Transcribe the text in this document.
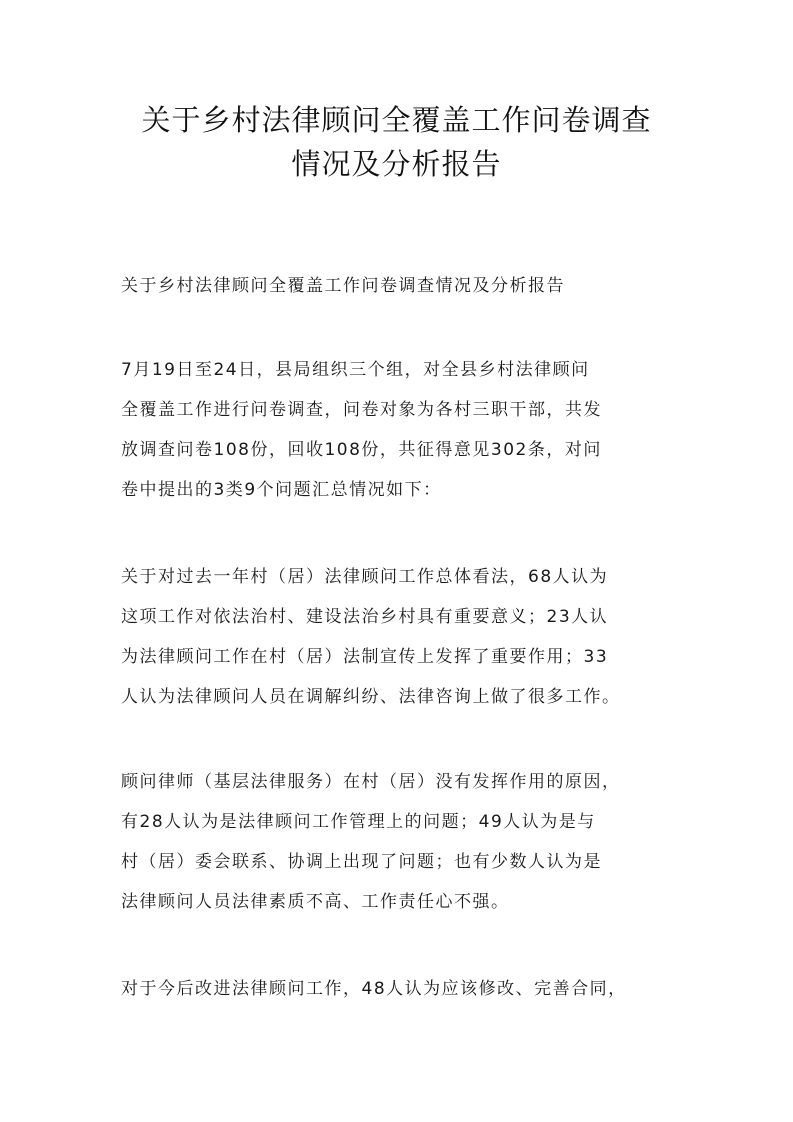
关于乡村法律顾问全覆盖工作问卷调查
情况及分析报告
关于乡村法律顾问全覆盖工作问卷调查情况及分析报告
7月19日至24日，县局组织三个组，对全县乡村法律顾问
全覆盖工作进行问卷调查，问卷对象为各村三职干部，共发
放调查问卷108份，回收108份，共征得意见302条，对问
卷中提出的3类9个问题汇总情况如下：
关于对过去一年村（居）法律顾问工作总体看法，68人认为
这项工作对依法治村、建设法治乡村具有重要意义；23人认
为法律顾问工作在村（居）法制宣传上发挥了重要作用；33
人认为法律顾问人员在调解纠纷、法律咨询上做了很多工作。
顾问律师（基层法律服务）在村（居）没有发挥作用的原因，
有28人认为是法律顾问工作管理上的问题；49人认为是与
村（居）委会联系、协调上出现了问题；也有少数人认为是
法律顾问人员法律素质不高、工作责任心不强。
对于今后改进法律顾问工作，48人认为应该修改、完善合同，
